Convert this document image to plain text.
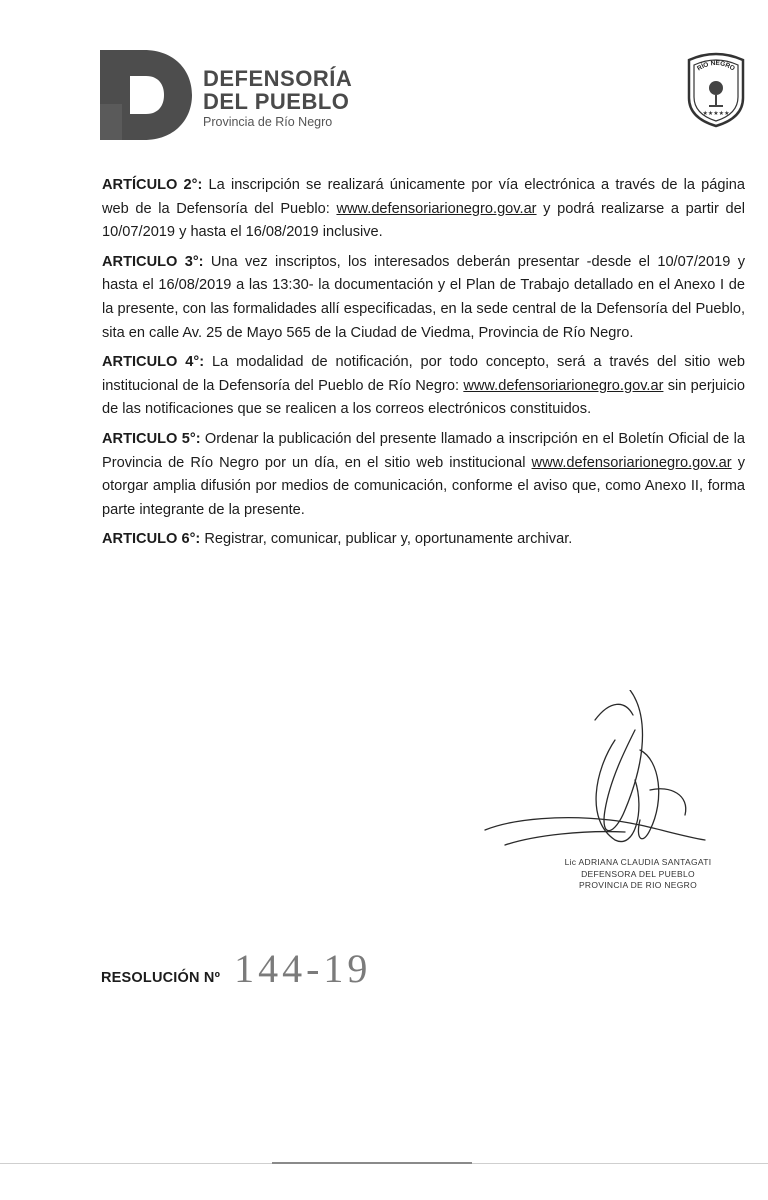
DEFENSORÍA
DEL PUEBLO
Provincia de Río Negro
RÍO NEGRO
★★★★★

ARTÍCULO 2°: La inscripción se realizará únicamente por vía electrónica a través de la página web de la Defensoría del Pueblo: www.defensoriarionegro.gov.ar y podrá realizarse a partir del 10/07/2019 y hasta el 16/08/2019 inclusive.

ARTICULO 3°: Una vez inscriptos, los interesados deberán presentar -desde el 10/07/2019 y hasta el 16/08/2019 a las 13:30- la documentación y el Plan de Trabajo detallado en el Anexo I de la presente, con las formalidades allí especificadas, en la sede central de la Defensoría del Pueblo, sita en calle Av. 25 de Mayo 565 de la Ciudad de Viedma, Provincia de Río Negro.

ARTICULO 4°: La modalidad de notificación, por todo concepto, será a través del sitio web institucional de la Defensoría del Pueblo de Río Negro: www.defensoriarionegro.gov.ar sin perjuicio de las notificaciones que se realicen a los correos electrónicos constituidos.

ARTICULO 5°: Ordenar la publicación del presente llamado a inscripción en el Boletín Oficial de la Provincia de Río Negro por un día, en el sitio web institucional www.defensoriarionegro.gov.ar y otorgar amplia difusión por medios de comunicación, conforme el aviso que, como Anexo II, forma parte integrante de la presente.

ARTICULO 6°: Registrar, comunicar, publicar y, oportunamente archivar.

Lic ADRIANA CLAUDIA SANTAGATI
DEFENSORA DEL PUEBLO
PROVINCIA DE RIO NEGRO
RESOLUCIÓN Nº 144-19
